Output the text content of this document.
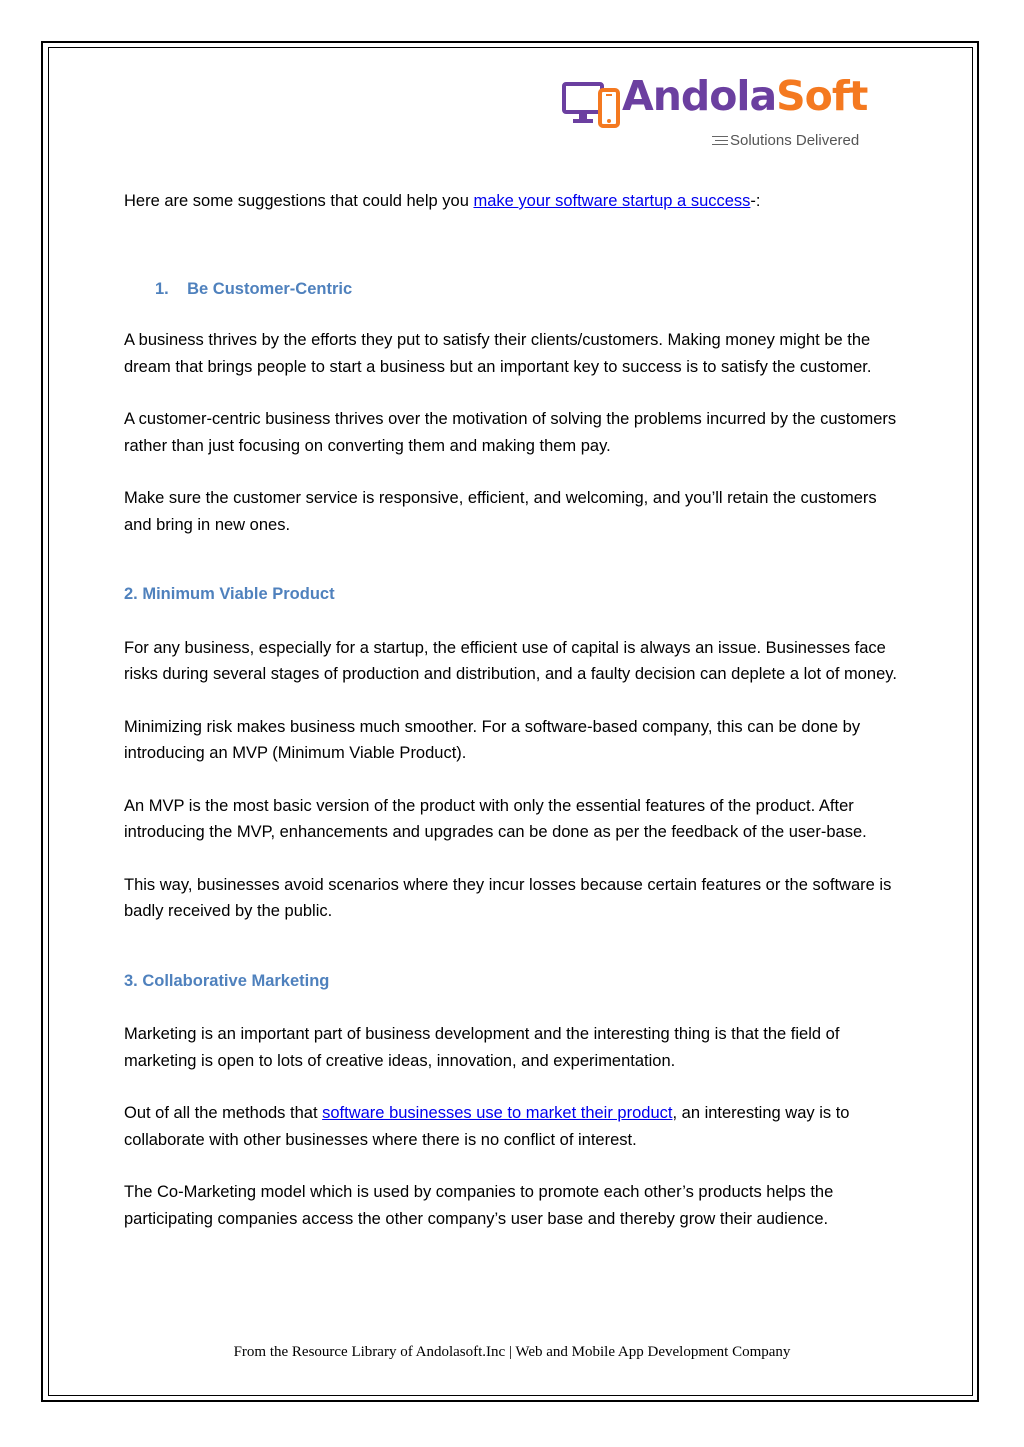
AndolaSoft
Solutions Delivered

Here are some suggestions that could help you make your software startup a success-:

1.    Be Customer-Centric

A business thrives by the efforts they put to satisfy their clients/customers. Making money might be the dream that brings people to start a business but an important key to success is to satisfy the customer.

A customer-centric business thrives over the motivation of solving the problems incurred by the customers rather than just focusing on converting them and making them pay.

Make sure the customer service is responsive, efficient, and welcoming, and you’ll retain the customers and bring in new ones.

2. Minimum Viable Product

For any business, especially for a startup, the efficient use of capital is always an issue. Businesses face risks during several stages of production and distribution, and a faulty decision can deplete a lot of money.

Minimizing risk makes business much smoother. For a software-based company, this can be done by introducing an MVP (Minimum Viable Product).

An MVP is the most basic version of the product with only the essential features of the product. After introducing the MVP, enhancements and upgrades can be done as per the feedback of the user-base.

This way, businesses avoid scenarios where they incur losses because certain features or the software is badly received by the public.

3. Collaborative Marketing

Marketing is an important part of business development and the interesting thing is that the field of marketing is open to lots of creative ideas, innovation, and experimentation.

Out of all the methods that software businesses use to market their product, an interesting way is to collaborate with other businesses where there is no conflict of interest.

The Co-Marketing model which is used by companies to promote each other’s products helps the participating companies access the other company’s user base and thereby grow their audience.

From the Resource Library of Andolasoft.Inc | Web and Mobile App Development Company
